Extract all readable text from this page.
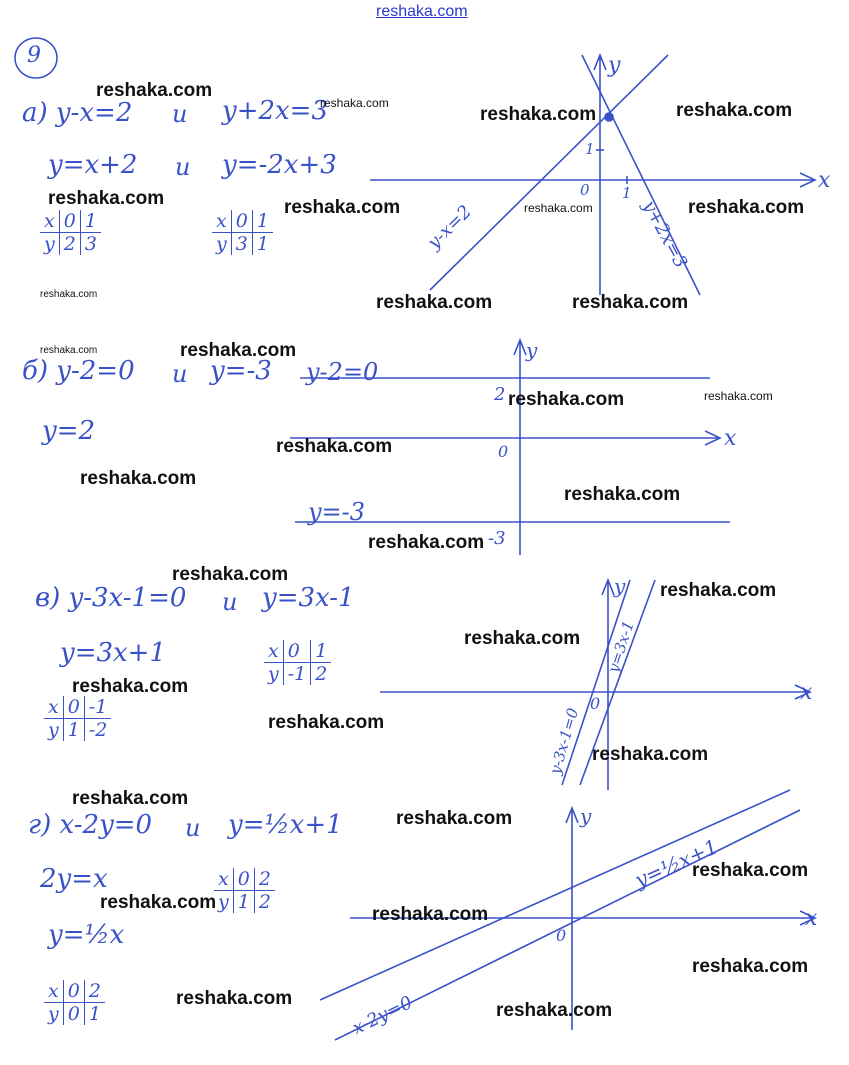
reshaka.com
9
а) y-x=2 и y+2x=3
y=x+2 и y=-2x+3
x	0	1
y	2	3
x	0	1
y	3	1
x
y
0
1
1
y-x=2	y+2x=3
б) y-2=0 и y=-3
y=2
y-2=0
y=-3
x
y
0
2
-3
в) y-3x-1=0 и y=3x-1
y=3x+1
x	0	-1
y	1	-2
x	0	1
y	-1	2
x
y
0
y-3x-1=0
y=3x-1
г) x-2y=0 и y=½x+1
2y=x
y=½x
x	0	2
y	1	2
x	0	2
y	0	1
x
y
0
y=½x+1
x-2y=0
reshaka.com
reshaka.com
reshaka.com	reshaka.com
reshaka.com	reshaka.com	reshaka.com	reshaka.com
reshaka.com	reshaka.com	reshaka.com
reshaka.com	reshaka.com
reshaka.com	reshaka.com
reshaka.com
reshaka.com
reshaka.com
reshaka.com
reshaka.com
reshaka.com
reshaka.com
reshaka.com
reshaka.com
reshaka.com
reshaka.com
reshaka.com
reshaka.com
reshaka.com
reshaka.com
reshaka.com
reshaka.com
reshaka.com
